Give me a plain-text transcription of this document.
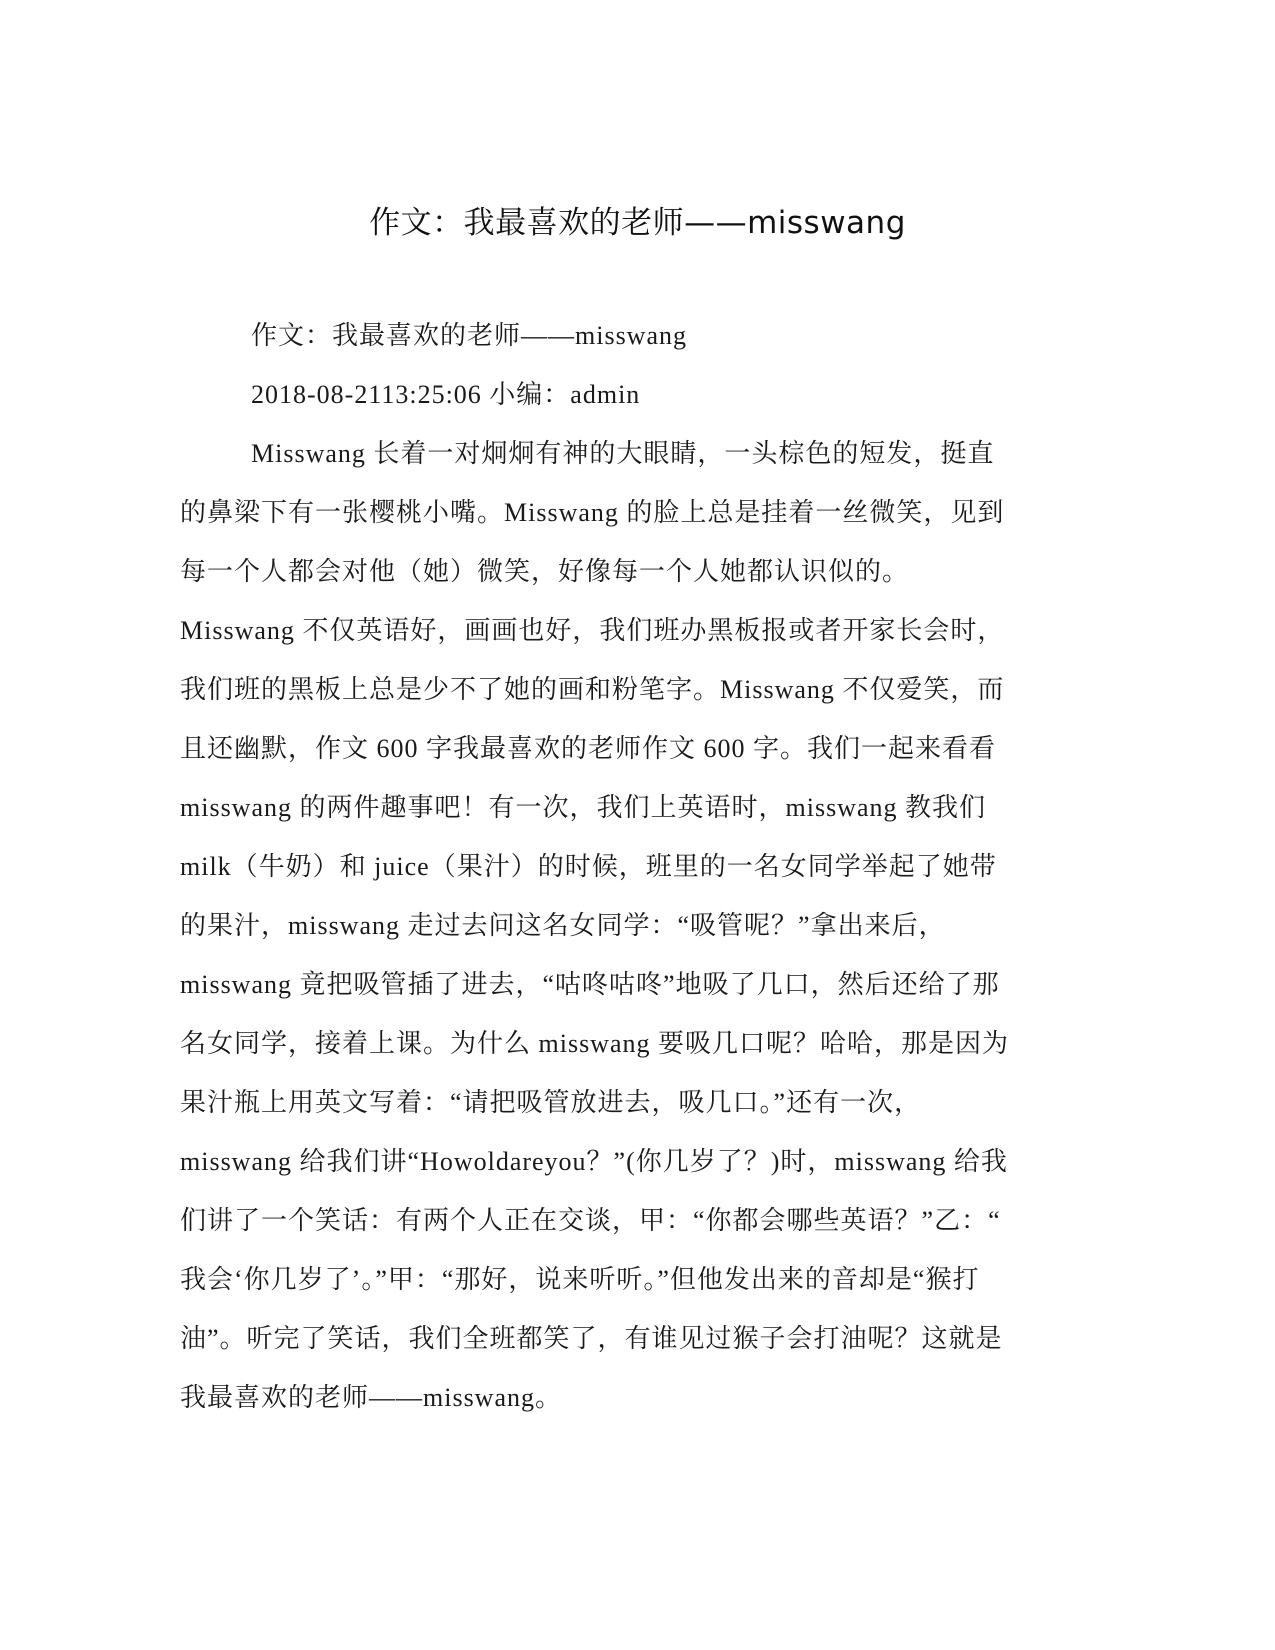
作文：我最喜欢的老师——misswang
作文：我最喜欢的老师——misswang
2018-08-2113:25:06 小编：admin
Misswang 长着一对炯炯有神的大眼睛，一头棕色的短发，挺直
的鼻梁下有一张樱桃小嘴。Misswang 的脸上总是挂着一丝微笑，见到
每一个人都会对他（她）微笑，好像每一个人她都认识似的。
Misswang 不仅英语好，画画也好，我们班办黑板报或者开家长会时，
我们班的黑板上总是少不了她的画和粉笔字。Misswang 不仅爱笑，而
且还幽默，作文 600 字我最喜欢的老师作文 600 字。我们一起来看看
misswang 的两件趣事吧！有一次，我们上英语时，misswang 教我们
milk（牛奶）和 juice（果汁）的时候，班里的一名女同学举起了她带
的果汁，misswang 走过去问这名女同学：“吸管呢？”拿出来后，
misswang 竟把吸管插了进去，“咕咚咕咚”地吸了几口，然后还给了那
名女同学，接着上课。为什么 misswang 要吸几口呢？哈哈，那是因为
果汁瓶上用英文写着：“请把吸管放进去，吸几口。”还有一次，
misswang 给我们讲“Howoldareyou？”(你几岁了？)时，misswang 给我
们讲了一个笑话：有两个人正在交谈，甲：“你都会哪些英语？”乙：“
我会‘你几岁了’。”甲：“那好，说来听听。”但他发出来的音却是“猴打
油”。听完了笑话，我们全班都笑了，有谁见过猴子会打油呢？这就是
我最喜欢的老师——misswang。
